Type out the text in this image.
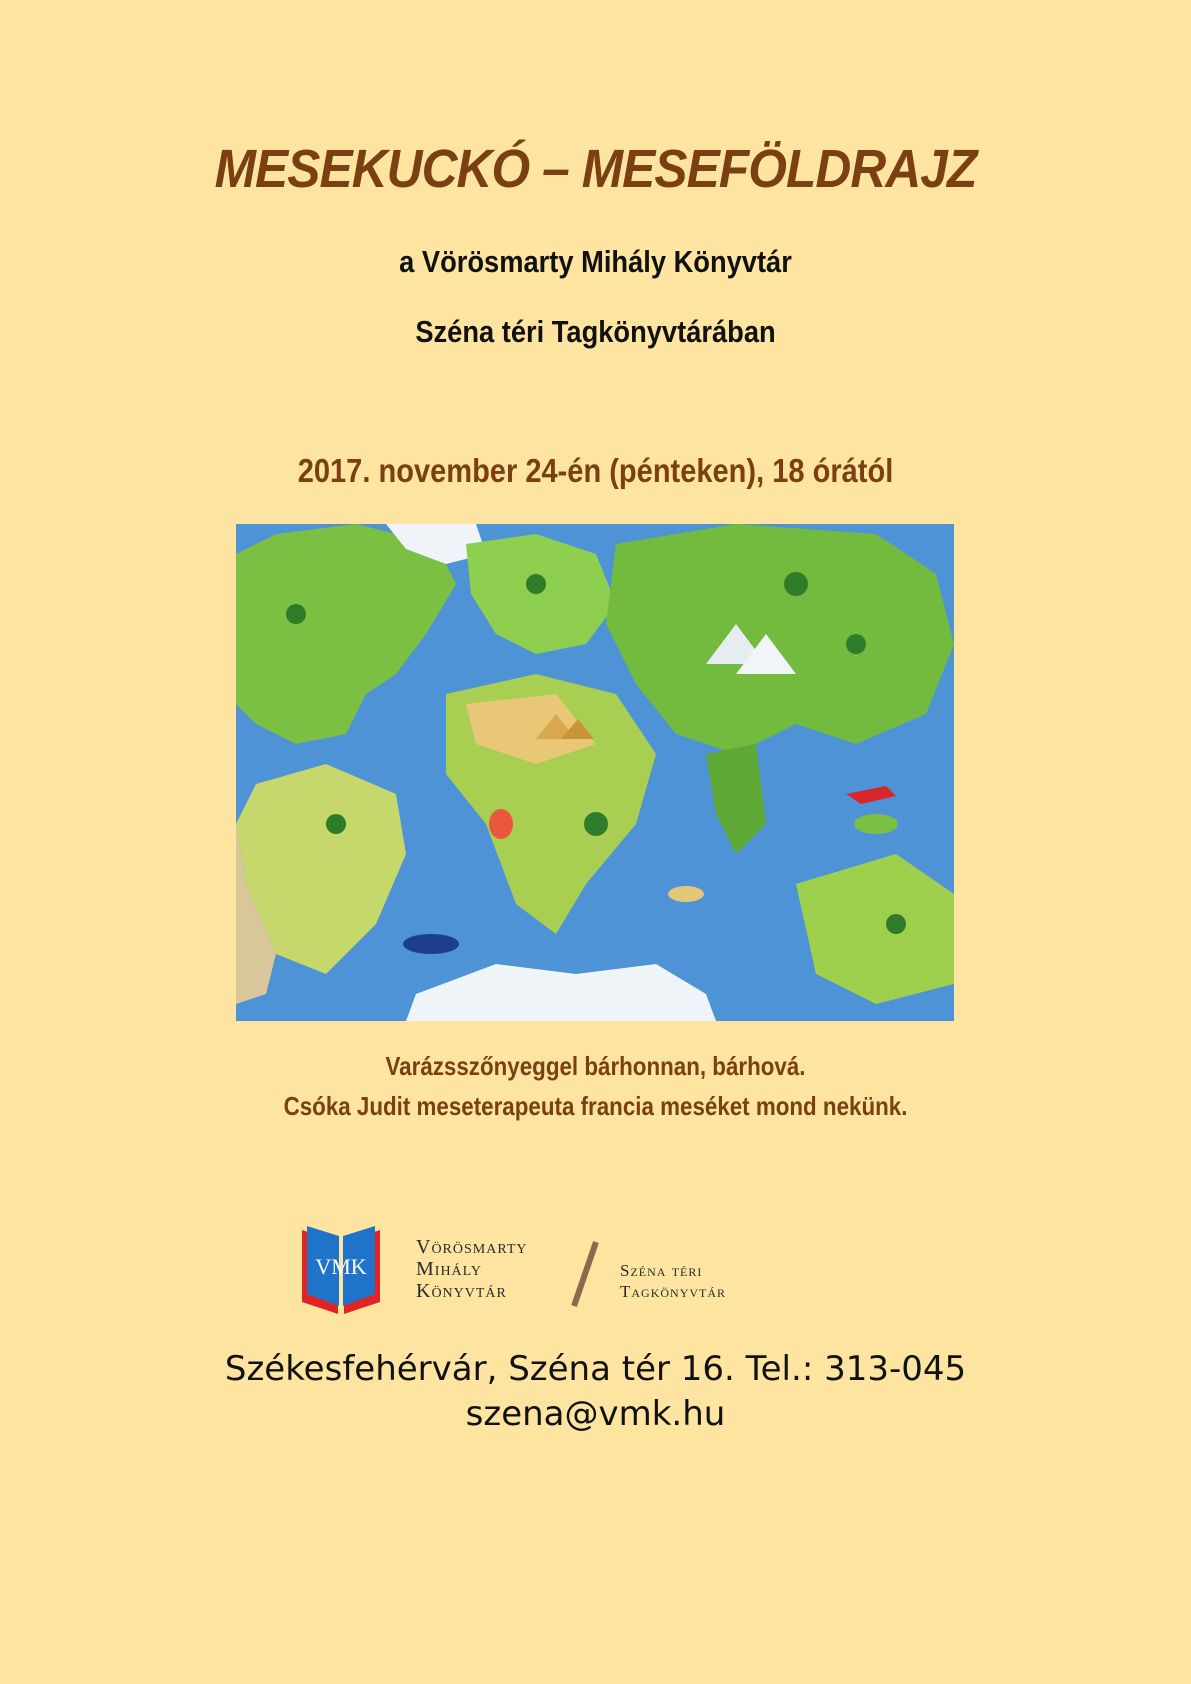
MESEKUCKÓ – MESEFÖLDRAJZ
a Vörösmarty Mihály Könyvtár
Széna téri Tagkönyvtárában
2017. november 24-én (pénteken), 18 órától
Varázsszőnyeggel bárhonnan, bárhová.
Csóka Judit meseterapeuta francia meséket mond nekünk.
VMK
Vörösmarty
Mihály
Könyvtár
Széna téri
Tagkönyvtár
Székesfehérvár, Széna tér 16. Tel.: 313-045
szena@vmk.hu
